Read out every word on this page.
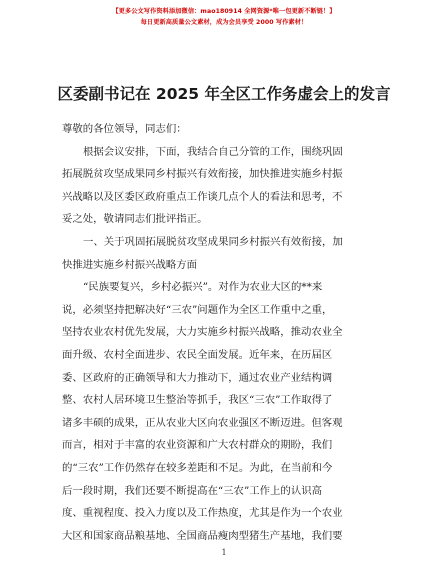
【更多公文写作资料添加微信：mao180914 全网资源*唯一包更新不断链！】
每日更新高质量公文素材，成为会员享受 2000 写作素材！
区委副书记在 2025 年全区工作务虚会上的发言
尊敬的各位领导，同志们：
根据会议安排，下面，我结合自己分管的工作，围绕巩固
拓展脱贫攻坚成果同乡村振兴有效衔接，加快推进实施乡村振
兴战略以及区委区政府重点工作谈几点个人的看法和思考，不
妥之处，敬请同志们批评指正。
一、关于巩固拓展脱贫攻坚成果同乡村振兴有效衔接，加
快推进实施乡村振兴战略方面
“民族要复兴，乡村必振兴”。对作为农业大区的**来
说，必须坚持把解决好“三农”问题作为全区工作重中之重，
坚持农业农村优先发展，大力实施乡村振兴战略，推动农业全
面升级、农村全面进步、农民全面发展。近年来，在历届区
委、区政府的正确领导和大力推动下，通过农业产业结构调
整、农村人居环境卫生整治等抓手，我区“三农”工作取得了
诸多丰硕的成果，正从农业大区向农业强区不断迈进。但客观
而言，相对于丰富的农业资源和广大农村群众的期盼，我们
的“三农”工作仍然存在较多差距和不足。为此，在当前和今
后一段时期，我们还要不断提高在“三农”工作上的认识高
度、重视程度、投入力度以及工作热度，尤其是作为一个农业
大区和国家商品粮基地、全国商品瘦肉型猪生产基地，我们要
1
